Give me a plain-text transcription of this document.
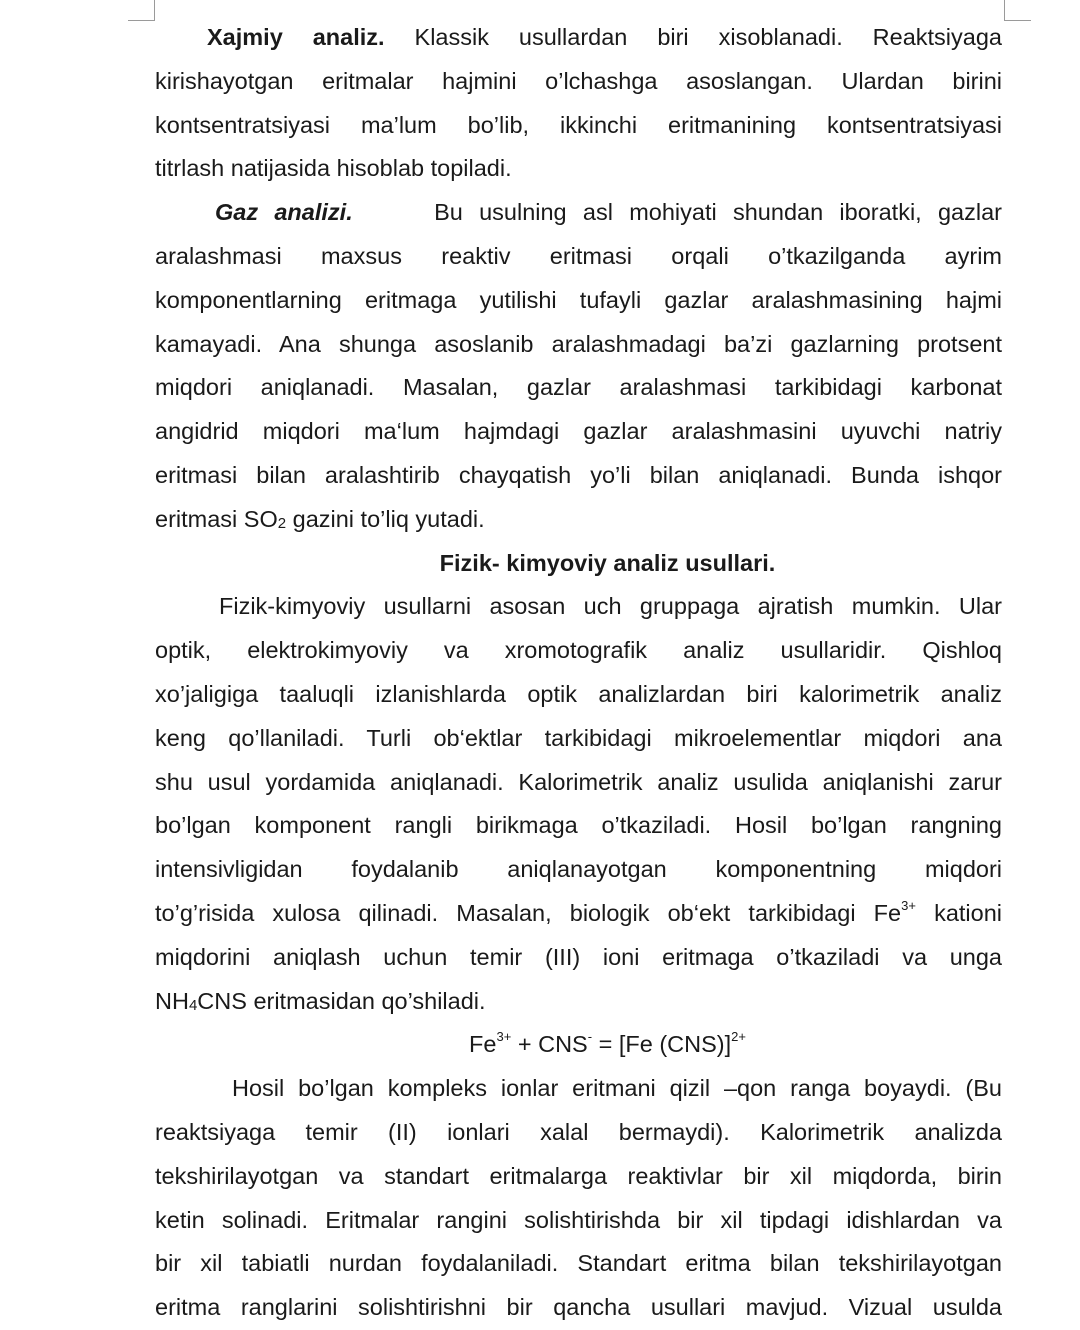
Xajmiy analiz. Klassik usullardan biri xisoblanadi. Reaktsiyaga
kirishayotgan eritmalar hajmini o’lchashga asoslangan. Ulardan birini
kontsentratsiyasi ma’lum bo’lib, ikkinchi eritmanining kontsentratsiyasi
titrlash natijasida hisoblab topiladi.
Gaz analizi.	Bu usulning asl mohiyati shundan iboratki, gazlar
aralashmasi maxsus reaktiv eritmasi orqali o’tkazilganda ayrim
komponentlarning eritmaga yutilishi tufayli gazlar aralashmasining hajmi
kamayadi. Ana shunga asoslanib aralashmadagi ba’zi gazlarning protsent
miqdori aniqlanadi. Masalan, gazlar aralashmasi tarkibidagi karbonat
angidrid miqdori ma‘lum hajmdagi gazlar aralashmasini uyuvchi natriy
eritmasi bilan aralashtirib chayqatish yo’li bilan aniqlanadi. Bunda ishqor
eritmasi $SO_2$ gazini to’liq yutadi.
Fizik- kimyoviy analiz usullari.
Fizik-kimyoviy usullarni asosan uch gruppaga ajratish mumkin. Ular
optik, elektrokimyoviy va xromotografik analiz usullaridir. Qishloq
xo’jaligiga taaluqli izlanishlarda optik analizlardan biri kalorimetrik analiz
keng qo’llaniladi. Turli ob‘ektlar tarkibidagi mikroelementlar miqdori ana
shu usul yordamida aniqlanadi. Kalorimetrik analiz usulida aniqlanishi zarur
bo’lgan komponent rangli birikmaga o’tkaziladi. Hosil bo’lgan rangning
intensivligidan foydalanib aniqlanayotgan komponentning miqdori
to’g’risida xulosa qilinadi. Masalan, biologik ob‘ekt tarkibidagi $Fe^{3+}$ kationi
miqdorini aniqlash uchun temir (III) ioni eritmaga o’tkaziladi va unga
$NH_4CNS$ eritmasidan qo’shiladi.
$Fe^{3+} + CNS^- = [Fe$ (CNS)]$^{2+}$
Hosil bo’lgan kompleks ionlar eritmani qizil –qon ranga boyaydi. (Bu
reaktsiyaga temir (II) ionlari xalal bermaydi). Kalorimetrik analizda
tekshirilayotgan va standart eritmalarga reaktivlar bir xil miqdorda, birin
ketin solinadi. Eritmalar rangini solishtirishda bir xil tipdagi idishlardan va
bir xil tabiatli nurdan foydalaniladi. Standart eritma bilan tekshirilayotgan
eritma ranglarini solishtirishni bir qancha usullari mavjud. Vizual usulda
